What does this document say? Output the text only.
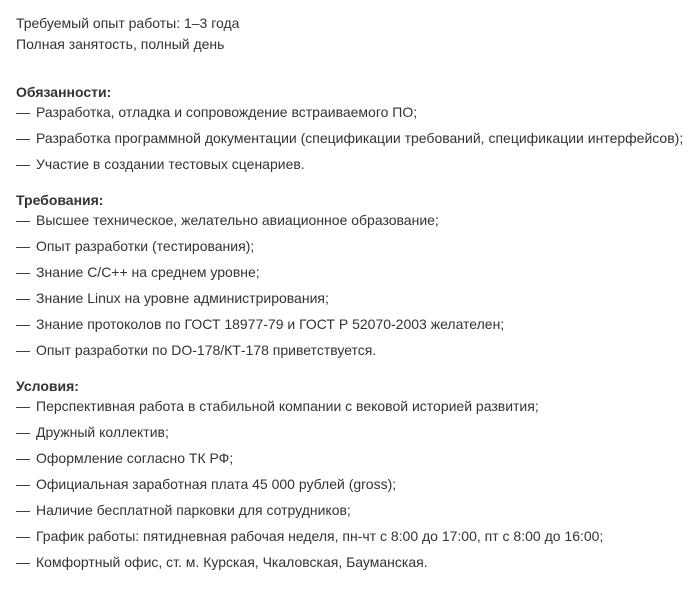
Требуемый опыт работы: 1–3 года
Полная занятость, полный день
Обязанности:
— Разработка, отладка и сопровождение встраиваемого ПО;
— Разработка программной документации (спецификации требований, спецификации интерфейсов);
— Участие в создании тестовых сценариев.
Требования:
— Высшее техническое, желательно авиационное образование;
— Опыт разработки (тестирования);
— Знание С/С++ на среднем уровне;
— Знание Linux на уровне администрирования;
— Знание протоколов по ГОСТ 18977-79 и ГОСТ Р 52070-2003 желателен;
— Опыт разработки по DO-178/КТ-178 приветствуется.
Условия:
— Перспективная работа в стабильной компании с вековой историей развития;
— Дружный коллектив;
— Оформление согласно ТК РФ;
— Официальная заработная плата 45 000 рублей (gross);
— Наличие бесплатной парковки для сотрудников;
— График работы: пятидневная рабочая неделя, пн-чт с 8:00 до 17:00, пт с 8:00 до 16:00;
— Комфортный офис, ст. м. Курская, Чкаловская, Бауманская.
